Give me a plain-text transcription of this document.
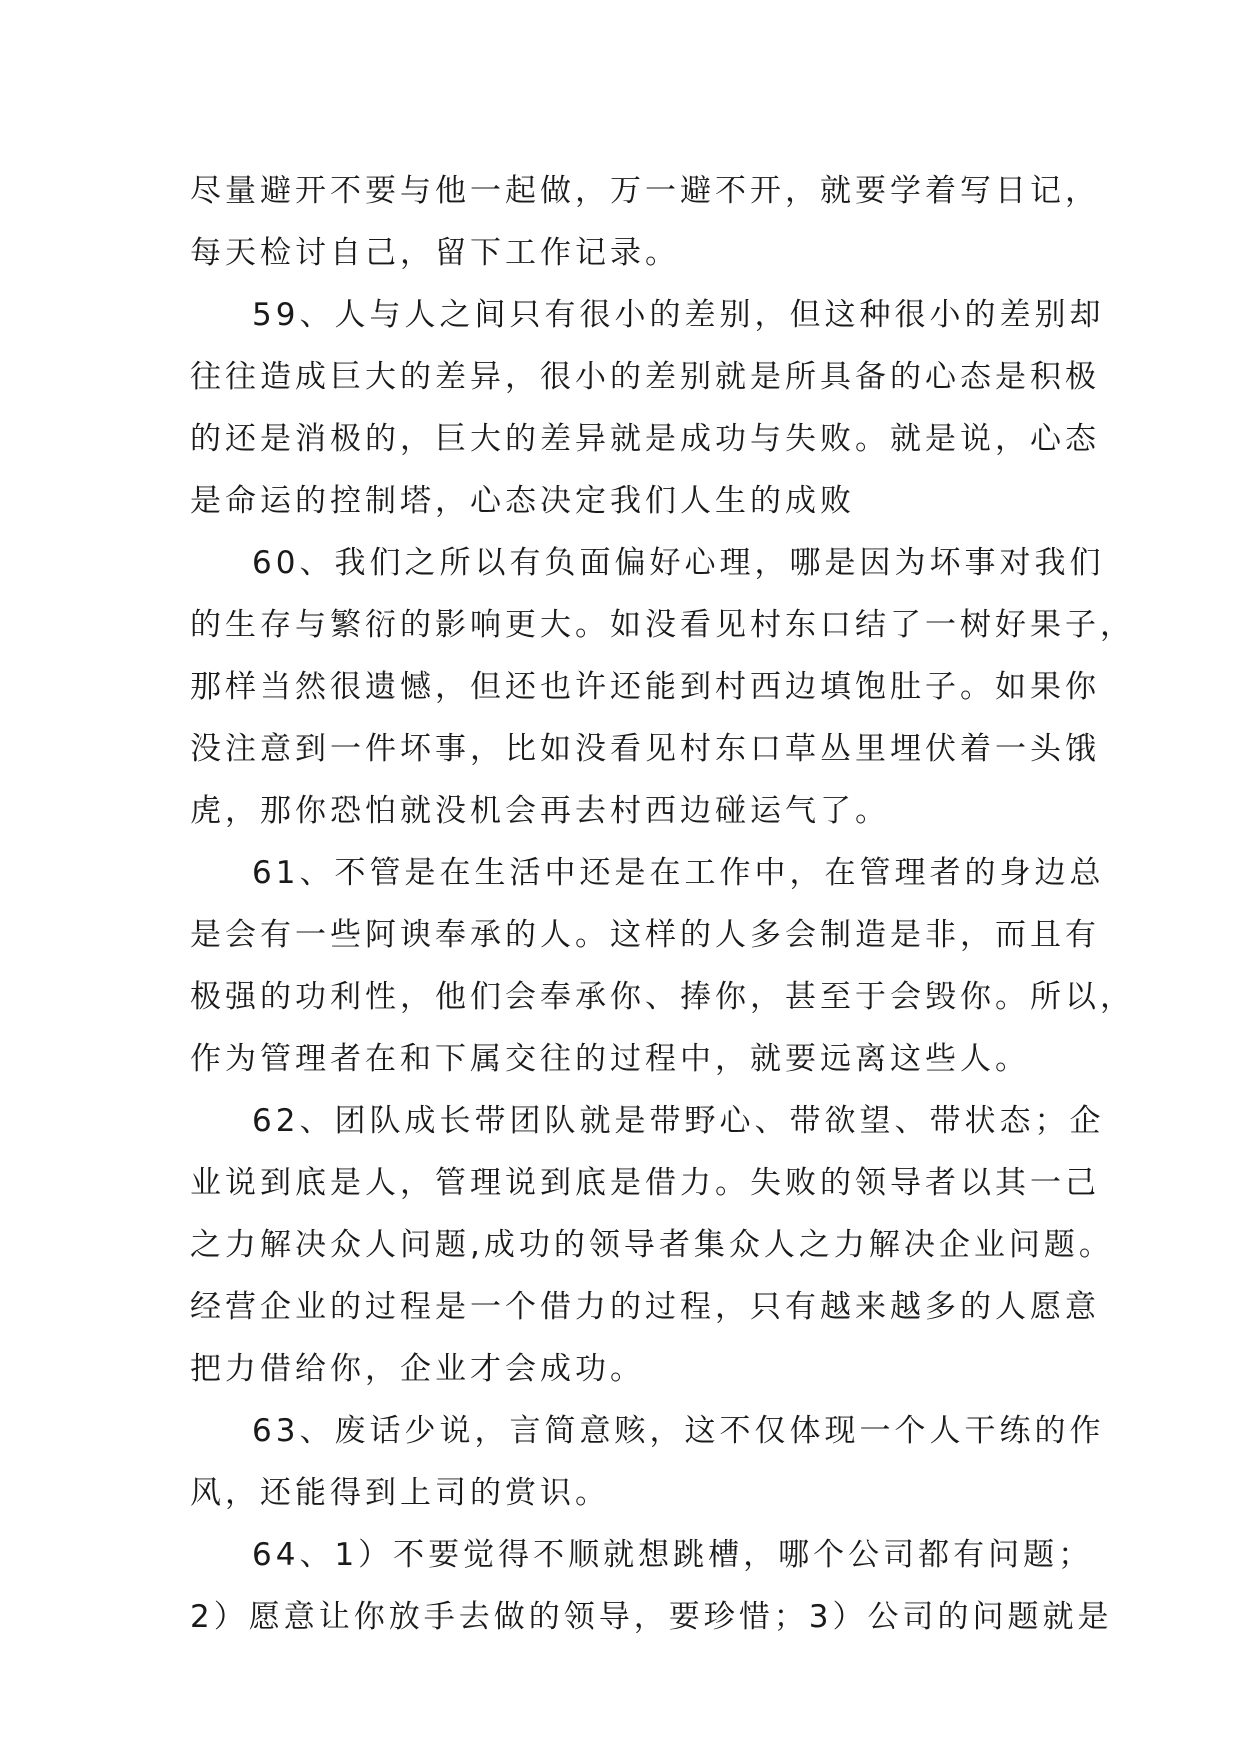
尽量避开不要与他一起做，万一避不开，就要学着写日记，
每天检讨自己，留下工作记录。

59、人与人之间只有很小的差别，但这种很小的差别却
往往造成巨大的差异，很小的差别就是所具备的心态是积极
的还是消极的，巨大的差异就是成功与失败。就是说，心态
是命运的控制塔，心态决定我们人生的成败

60、我们之所以有负面偏好心理，哪是因为坏事对我们
的生存与繁衍的影响更大。如没看见村东口结了一树好果子，
那样当然很遗憾，但还也许还能到村西边填饱肚子。如果你
没注意到一件坏事，比如没看见村东口草丛里埋伏着一头饿
虎，那你恐怕就没机会再去村西边碰运气了。

61、不管是在生活中还是在工作中，在管理者的身边总
是会有一些阿谀奉承的人。这样的人多会制造是非，而且有
极强的功利性，他们会奉承你、捧你，甚至于会毁你。所以，
作为管理者在和下属交往的过程中，就要远离这些人。

62、团队成长带团队就是带野心、带欲望、带状态；企
业说到底是人，管理说到底是借力。失败的领导者以其一己
之力解决众人问题,成功的领导者集众人之力解决企业问题。
经营企业的过程是一个借力的过程，只有越来越多的人愿意
把力借给你，企业才会成功。

63、废话少说，言简意赅，这不仅体现一个人干练的作
风，还能得到上司的赏识。

64、1）不要觉得不顺就想跳槽，哪个公司都有问题；
2）愿意让你放手去做的领导，要珍惜；3）公司的问题就是
